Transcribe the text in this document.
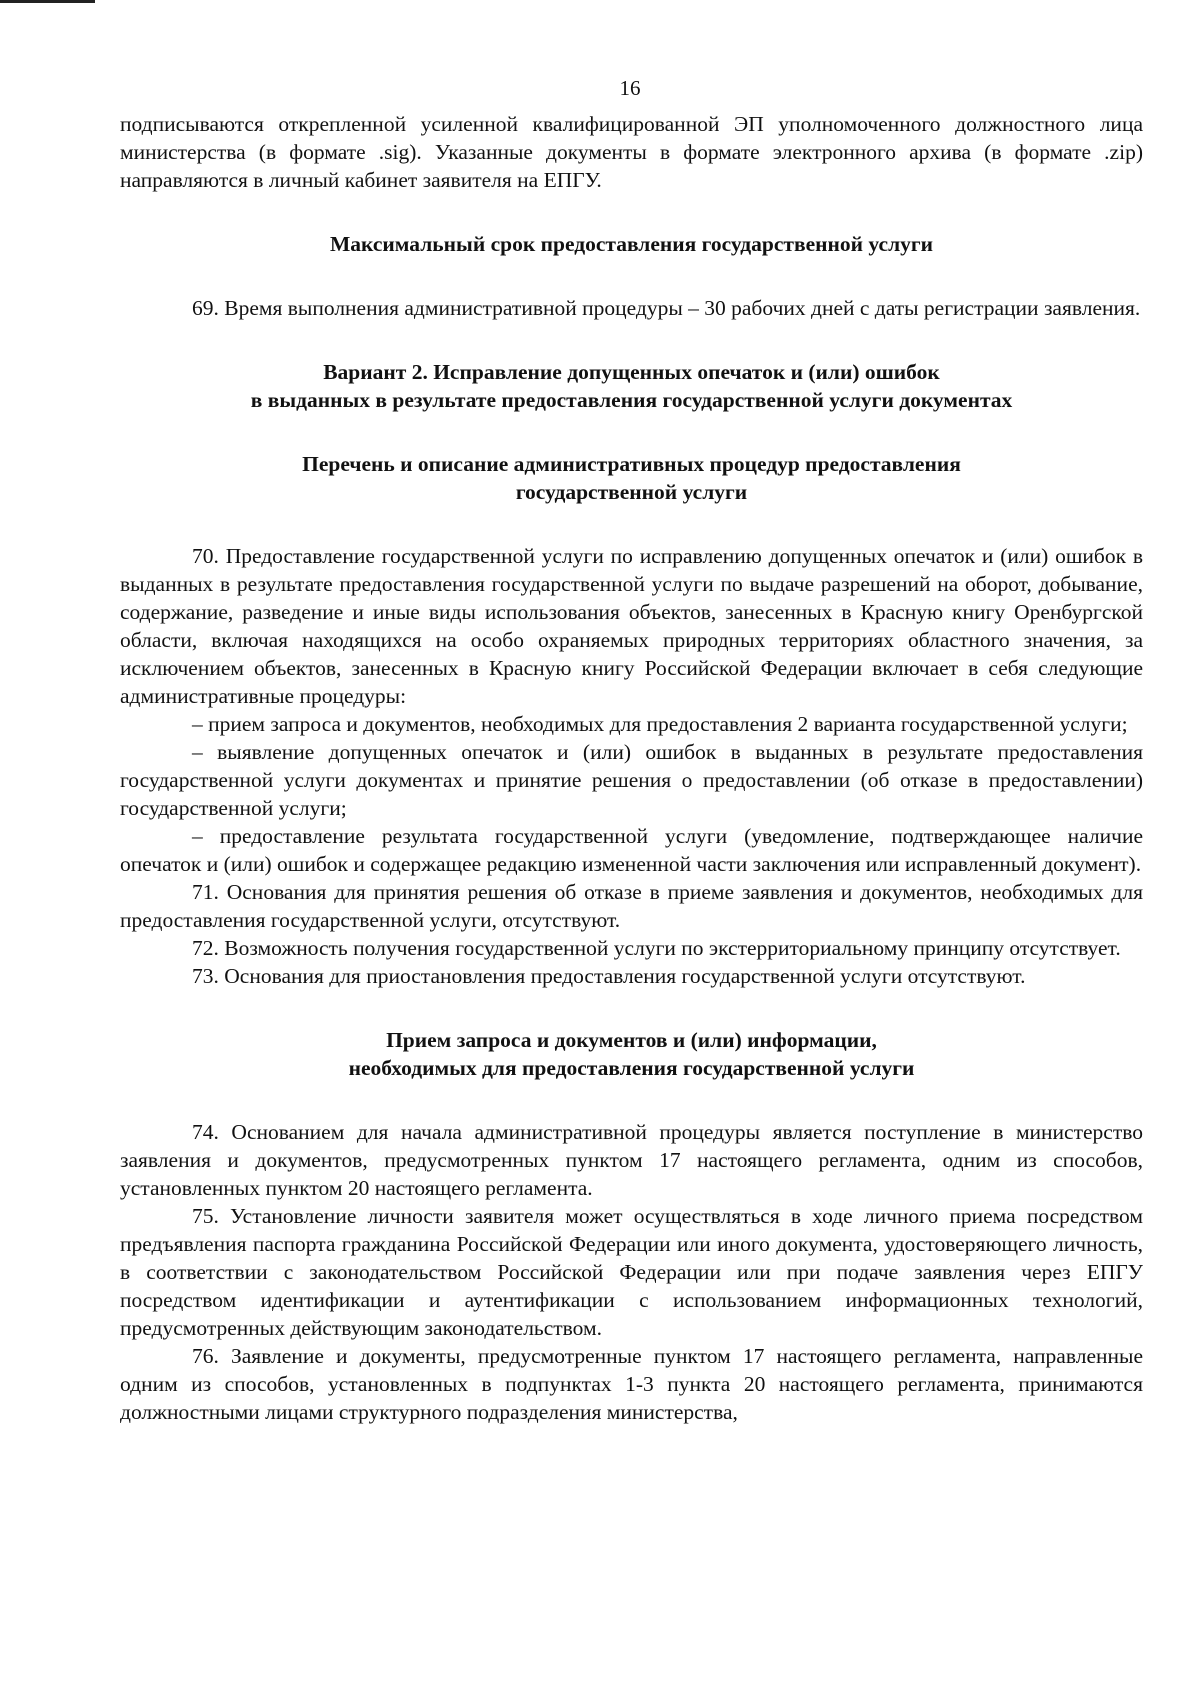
16

подписываются открепленной усиленной квалифицированной ЭП уполномоченного должностного лица министерства (в формате .sig). Указанные документы в формате электронного архива (в формате .zip) направляются в личный кабинет заявителя на ЕПГУ.

Максимальный срок предоставления государственной услуги

69. Время выполнения административной процедуры – 30 рабочих дней с даты регистрации заявления.

Вариант 2. Исправление допущенных опечаток и (или) ошибок
в выданных в результате предоставления государственной услуги документах
Перечень и описание административных процедур предоставления
государственной услуги

70. Предоставление государственной услуги по исправлению допущенных опечаток и (или) ошибок в выданных в результате предоставления государственной услуги по выдаче разрешений на оборот, добывание, содержание, разведение и иные виды использования объектов, занесенных в Красную книгу Оренбургской области, включая находящихся на особо охраняемых природных территориях областного значения, за исключением объектов, занесенных в Красную книгу Российской Федерации включает в себя следующие административные процедуры:

– прием запроса и документов, необходимых для предоставления 2 варианта государственной услуги;

– выявление допущенных опечаток и (или) ошибок в выданных в результате предоставления государственной услуги документах и принятие решения о предоставлении (об отказе в предоставлении) государственной услуги;

– предоставление результата государственной услуги (уведомление, подтверждающее наличие опечаток и (или) ошибок и содержащее редакцию измененной части заключения или исправленный документ).

71. Основания для принятия решения об отказе в приеме заявления и документов, необходимых для предоставления государственной услуги, отсутствуют.

72. Возможность получения государственной услуги по экстерриториальному принципу отсутствует.

73. Основания для приостановления предоставления государственной услуги отсутствуют.

Прием запроса и документов и (или) информации,
необходимых для предоставления государственной услуги

74. Основанием для начала административной процедуры является поступление в министерство заявления и документов, предусмотренных пунктом 17 настоящего регламента, одним из способов, установленных пунктом 20 настоящего регламента.

75. Установление личности заявителя может осуществляться в ходе личного приема посредством предъявления паспорта гражданина Российской Федерации или иного документа, удостоверяющего личность, в соответствии с законодательством Российской Федерации или при подаче заявления через ЕПГУ посредством идентификации и аутентификации с использованием информационных технологий, предусмотренных действующим законодательством.

76. Заявление и документы, предусмотренные пунктом 17 настоящего регламента, направленные одним из способов, установленных в подпунктах 1-3 пункта 20 настоящего регламента, принимаются должностными лицами структурного подразделения министерства,
